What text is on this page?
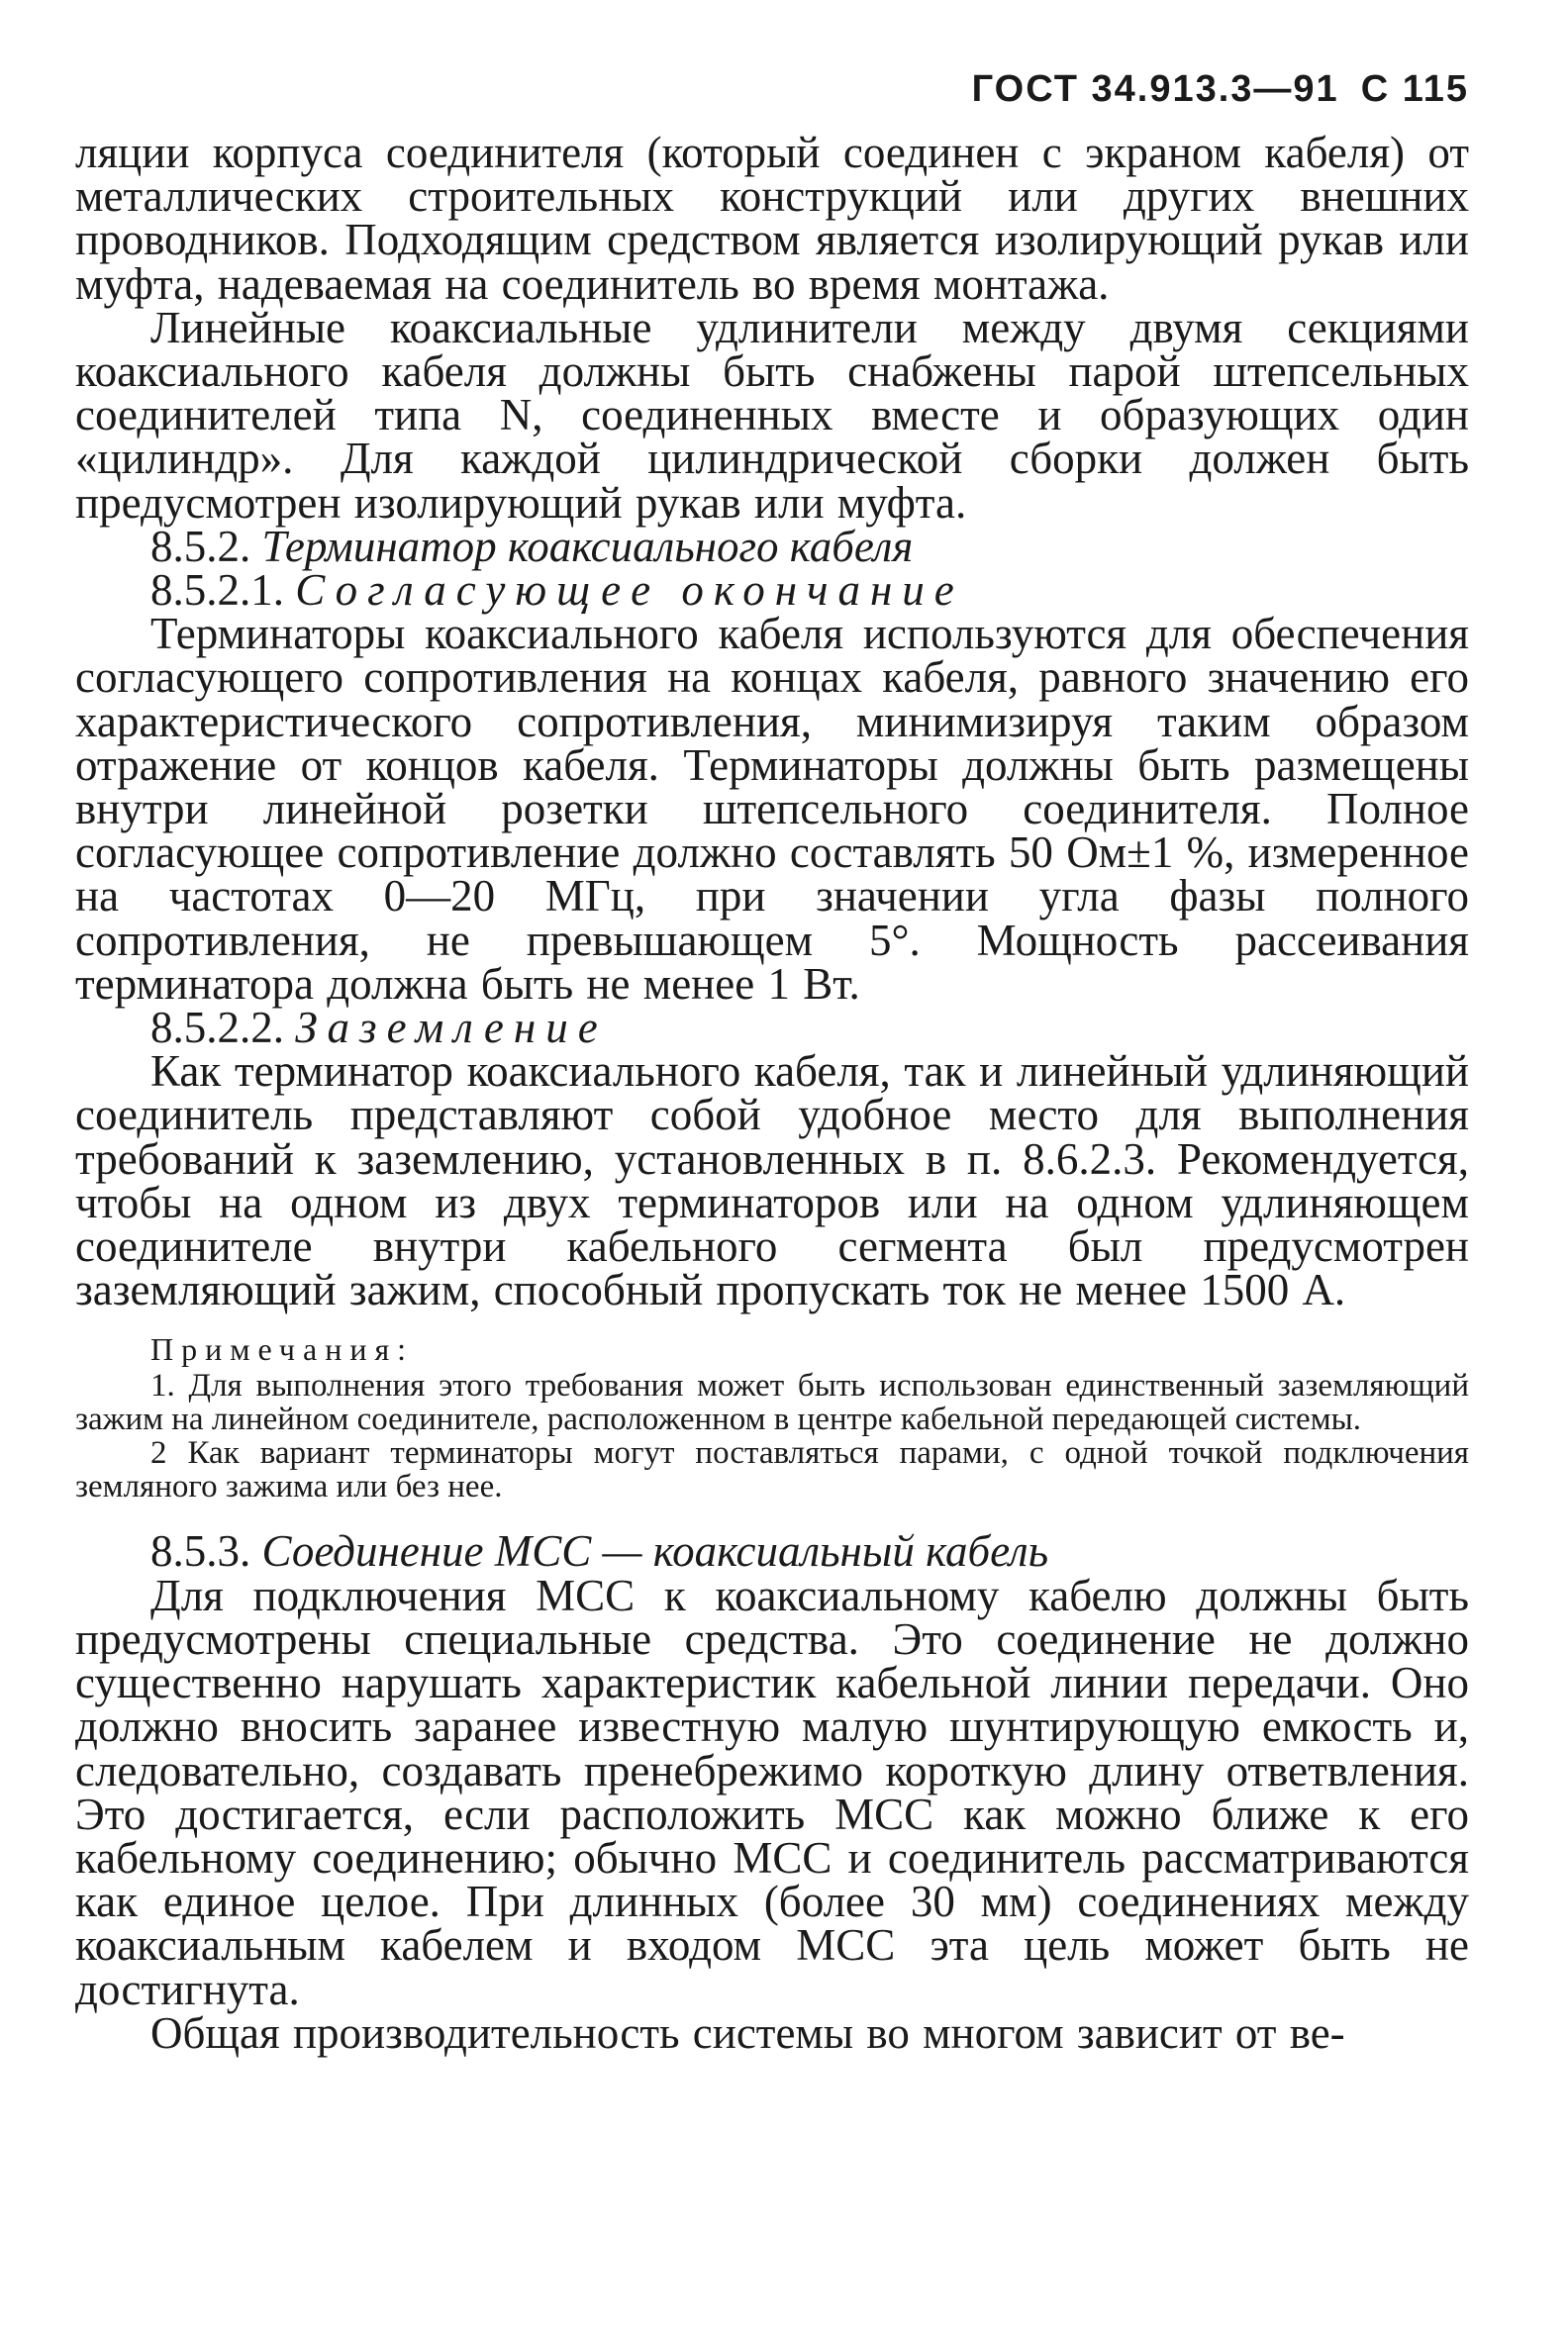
ГОСТ 34.913.3—91 С 115

ляции корпуса соединителя (который соединен с экраном кабеля) от металлических строительных конструкций или других внешних проводников. Подходящим средством является изолирующий рукав или муфта, надеваемая на соединитель во время монтажа.

Линейные коаксиальные удлинители между двумя секциями коаксиального кабеля должны быть снабжены парой штепсельных соединителей типа N, соединенных вместе и образующих один «цилиндр». Для каждой цилиндрической сборки должен быть предусмотрен изолирующий рукав или муфта.

8.5.2. Терминатор коаксиального кабеля

8.5.2.1. Согласующее окончание

Терминаторы коаксиального кабеля используются для обеспечения согласующего сопротивления на концах кабеля, равного значению его характеристического сопротивления, минимизируя таким образом отражение от концов кабеля. Терминаторы должны быть размещены внутри линейной розетки штепсельного соединителя. Полное согласующее сопротивление должно составлять 50 Ом±1 %, измеренное на частотах 0—20 МГц, при значении угла фазы полного сопротивления, не превышающем 5°. Мощность рассеивания терминатора должна быть не менее 1 Вт.

8.5.2.2. Заземление

Как терминатор коаксиального кабеля, так и линейный удлиняющий соединитель представляют собой удобное место для выполнения требований к заземлению, установленных в п. 8.6.2.3. Рекомендуется, чтобы на одном из двух терминаторов или на одном удлиняющем соединителе внутри кабельного сегмента был предусмотрен заземляющий зажим, способный пропускать ток не менее 1500 А.

Примечания:

1. Для выполнения этого требования может быть использован единственный заземляющий зажим на линейном соединителе, расположенном в центре кабельной передающей системы.

2 Как вариант терминаторы могут поставляться парами, с одной точкой подключения земляного зажима или без нее.

8.5.3. Соединение МСС — коаксиальный кабель

Для подключения МСС к коаксиальному кабелю должны быть предусмотрены специальные средства. Это соединение не должно существенно нарушать характеристик кабельной линии передачи. Оно должно вносить заранее известную малую шунтирующую емкость и, следовательно, создавать пренебрежимо короткую длину ответвления. Это достигается, если расположить МСС как можно ближе к его кабельному соединению; обычно МСС и соединитель рассматриваются как единое целое. При длинных (более 30 мм) соединениях между коаксиальным кабелем и входом МСС эта цель может быть не достигнута.

Общая производительность системы во многом зависит от ве-
